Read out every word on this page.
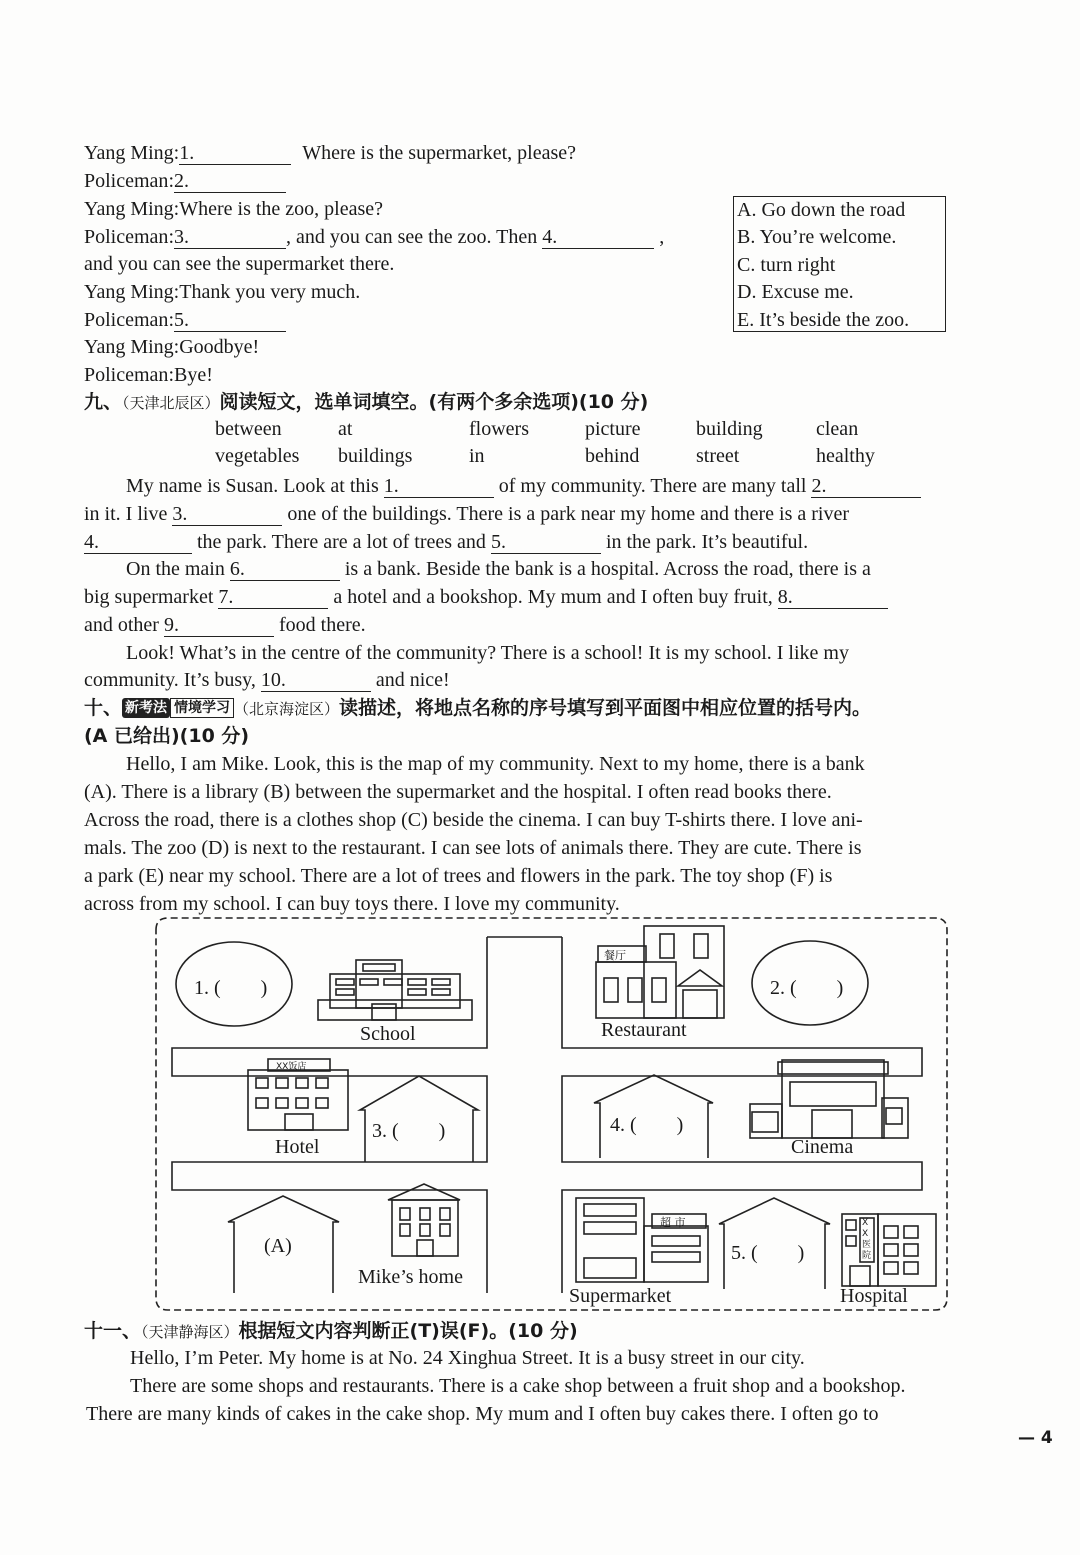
Yang Ming:1.	Where is the supermarket, please?
Policeman:2.
Yang Ming:Where is the zoo, please?
Policeman:3.	, and you can see the zoo. Then 4.	,
and you can see the supermarket there.
Yang Ming:Thank you very much.
Policeman:5.
Yang Ming:Goodbye!
Policeman:Bye!
A. Go down the road
B. You’re welcome.
C. turn right
D. Excuse me.
E. It’s beside the zoo.
九、（天津北辰区）阅读短文，选单词填空。(有两个多余选项)(10 分)
between	at	flowers	picture	building	clean
vegetables buildings	in	behind	street	healthy
My name is Susan. Look at this 1.	of my community. There are many tall 2.
in it. I live 3.	one of the buildings. There is a park near my home and there is a river
4.	the park. There are a lot of trees and 5.	in the park. It’s beautiful.
On the main 6.	is a bank. Beside the bank is a hospital. Across the road, there is a
big supermarket 7.	a hotel and a bookshop. My mum and I often buy fruit, 8.
and other 9.	food there.
Look! What’s in the centre of the community? There is a school! It is my school. I like my
community. It’s busy, 10.	and nice!
十、 新考法 情境学习 （北京海淀区）读描述，将地点名称的序号填写到平面图中相应位置的括号内。
(A 已给出)(10 分)
Hello, I am Mike. Look, this is the map of my community. Next to my home, there is a bank
(A). There is a library (B) between the supermarket and the hospital. I often read books there.
Across the road, there is a clothes shop (C) beside the cinema. I can buy T-shirts there. I love ani-
mals. The zoo (D) is next to the restaurant. I can see lots of animals there. They are cute. There is
a park (E) near my school. There are a lot of trees and flowers in the park. The toy shop (F) is
across from my school. I can buy toys there. I love my community.
1. (　　)	2. (　　)
3. (　　)	4. (　　)
5. (　　)
(A)
School	Restaurant
Hotel	Cinema
Mike’s home
Supermarket	Hospital
餐厅
XX饭店
超 市	X
X
医
院
十一、（天津静海区）根据短文内容判断正(T)误(F)。(10 分)
Hello, I’m Peter. My home is at No. 24 Xinghua Street. It is a busy street in our city.
There are some shops and restaurants. There is a cake shop between a fruit shop and a bookshop.
There are many kinds of cakes in the cake shop. My mum and I often buy cakes there. I often go to
— 4
